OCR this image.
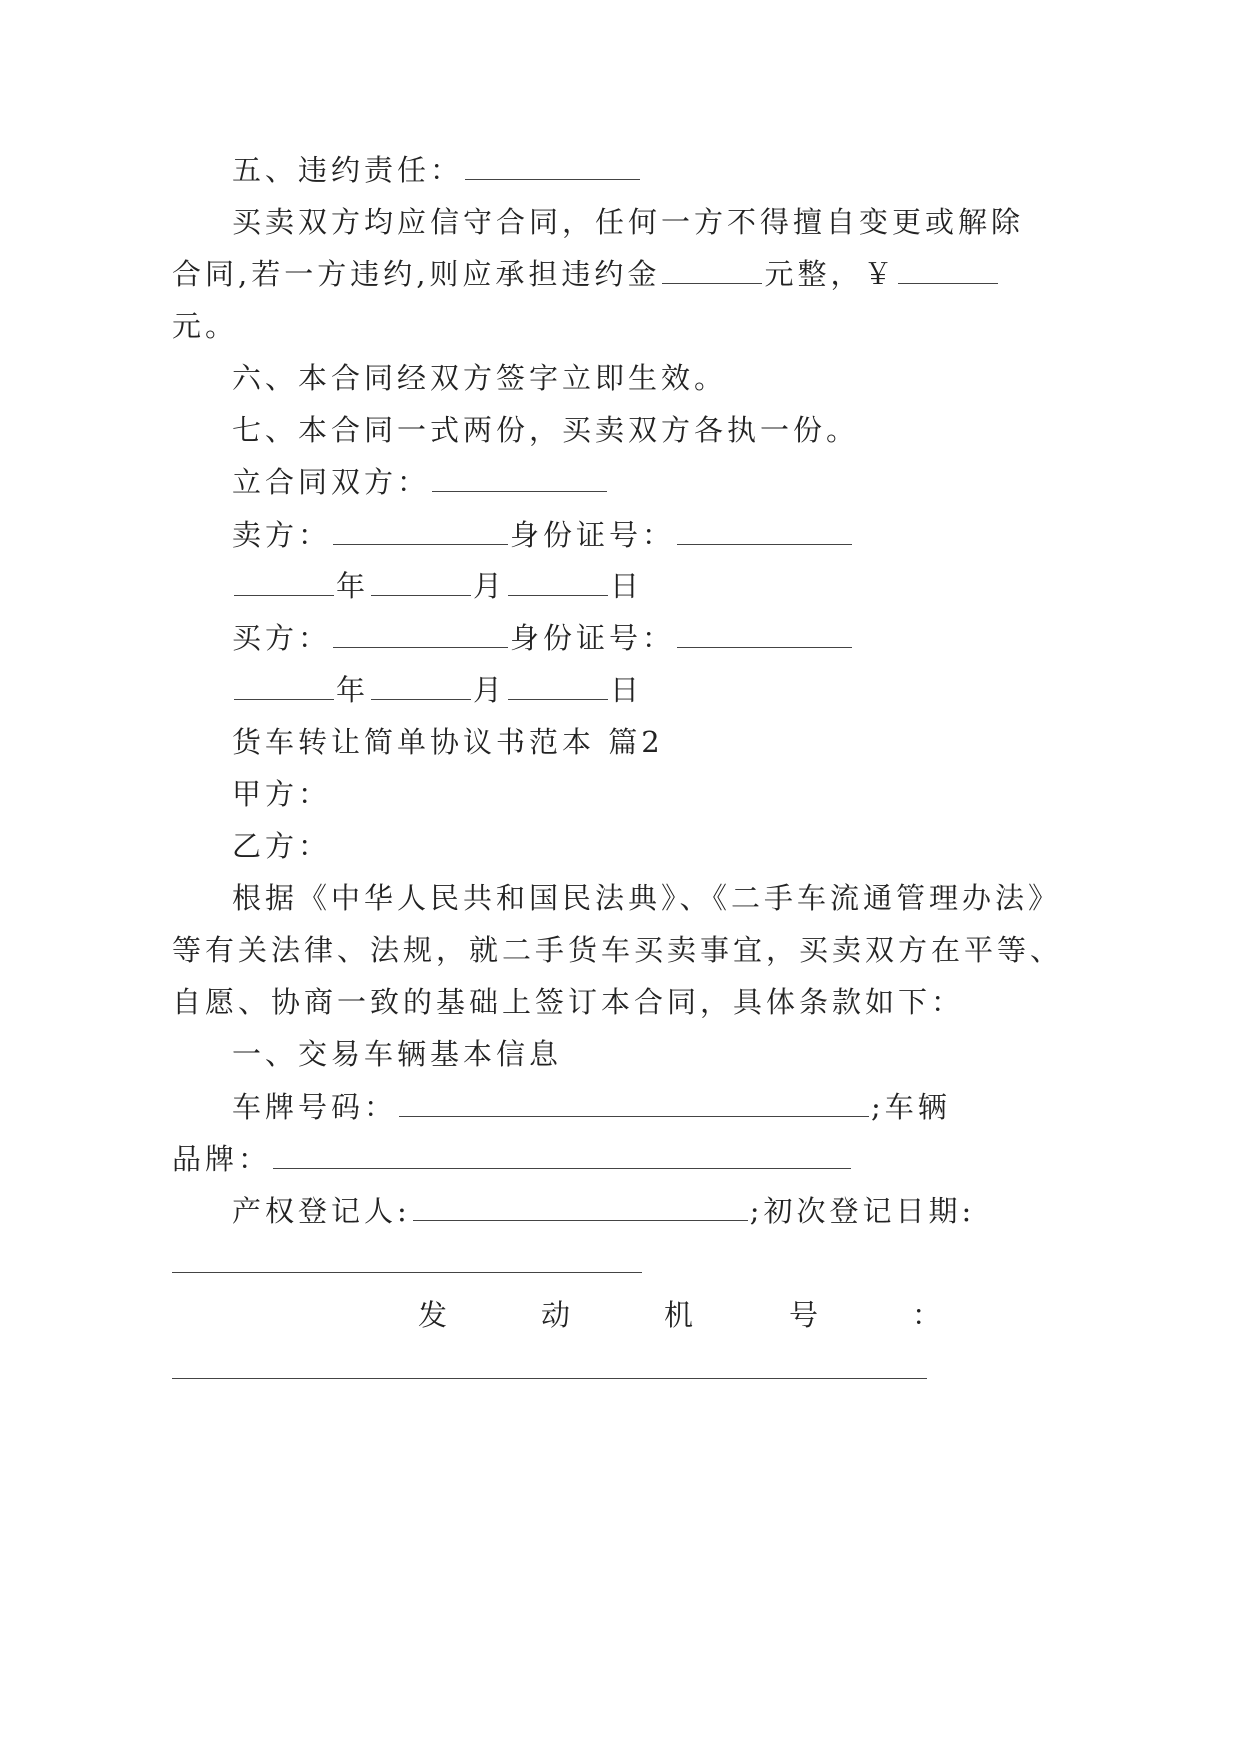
五、违约责任：
买卖双方均应信守合同，任何一方不得擅自变更或解除
合同,若一方违约,则应承担违约金	元整，￥
元。
六、本合同经双方签字立即生效。
七、本合同一式两份，买卖双方各执一份。
立合同双方：
卖方：	身份证号：
年	月	日
买方：	身份证号：
年	月	日
货车转让简单协议书范本 篇2
甲方：
乙方：
根据《中华人民共和国民法典》、《二手车流通管理办法》
等有关法律、法规，就二手货车买卖事宜，买卖双方在平等、
自愿、协商一致的基础上签订本合同，具体条款如下：
一、交易车辆基本信息
车牌号码：	;车辆
品牌：
产权登记人:	;初次登记日期:
发	动	机	号	：
